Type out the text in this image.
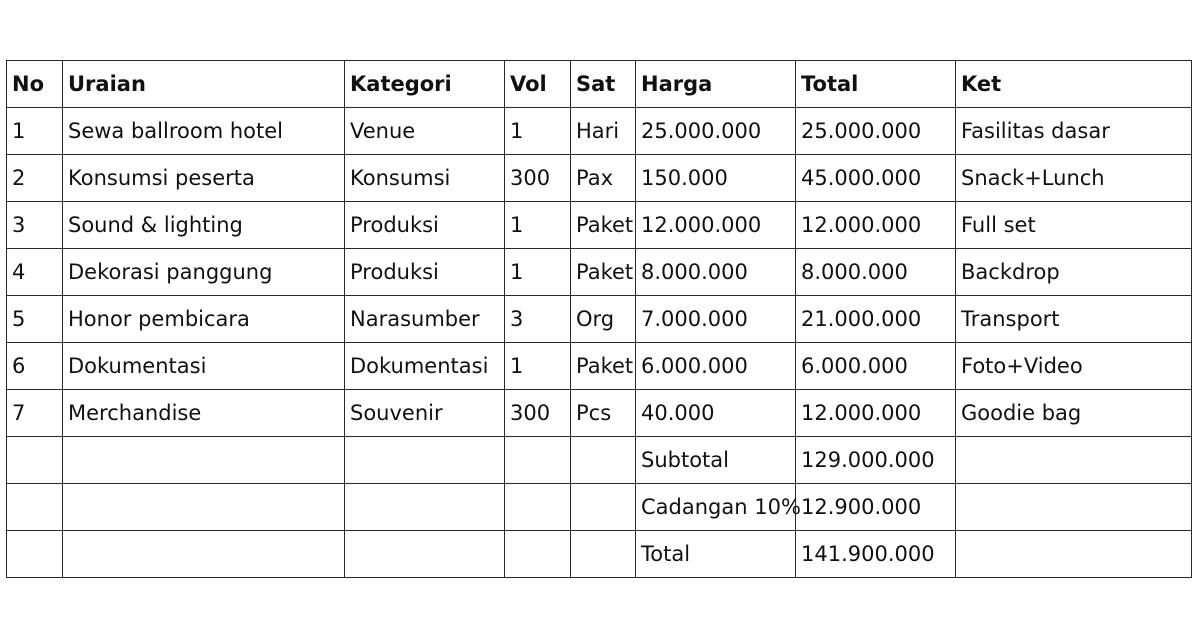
No	Uraian	Kategori	Vol	Sat	Harga	Total	Ket
1	Sewa ballroom hotel	Venue	1	Hari	25.000.000	25.000.000	Fasilitas dasar
2	Konsumsi peserta	Konsumsi	300	Pax	150.000	45.000.000	Snack+Lunch
3	Sound & lighting	Produksi	1	Paket	12.000.000	12.000.000	Full set
4	Dekorasi panggung	Produksi	1	Paket	8.000.000	8.000.000	Backdrop
5	Honor pembicara	Narasumber	3	Org	7.000.000	21.000.000	Transport
6	Dokumentasi	Dokumentasi	1	Paket	6.000.000	6.000.000	Foto+Video
7	Merchandise	Souvenir	300	Pcs	40.000	12.000.000	Goodie bag
					Subtotal	129.000.000	
					Cadangan 10%	12.900.000	
					Total	141.900.000	
